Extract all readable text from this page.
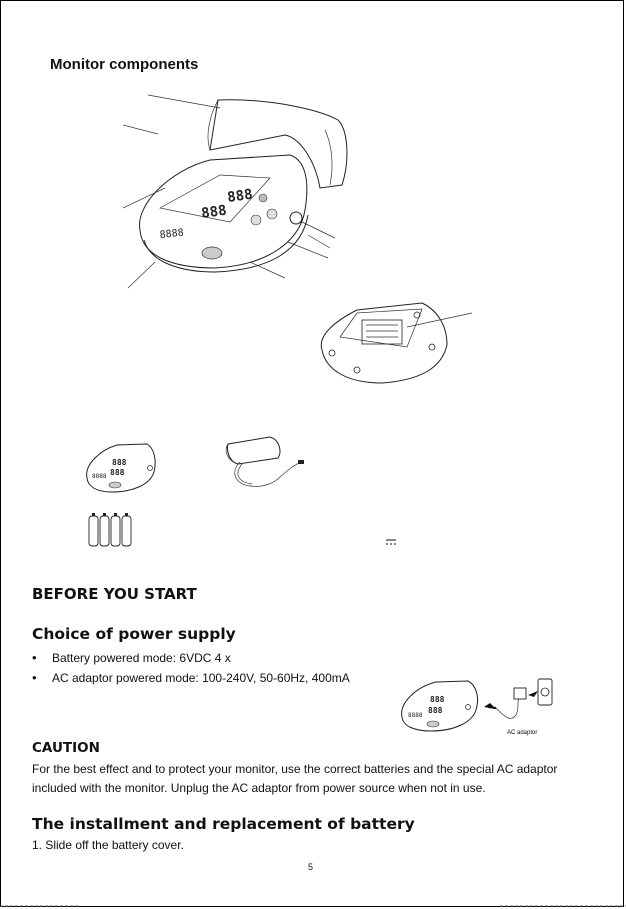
Monitor components
888
888
8888
888
888
8888
BEFORE YOU START
Choice of power supply
• Battery powered mode: 6VDC 4 x
• AC adaptor powered mode: 100-240V, 50-60Hz, 400mA
888
888
8888
AC adaptor
CAUTION
For the best effect and to protect your monitor, use the correct batteries and the special AC adaptor included with the monitor. Unplug the AC adaptor from power source when not in use.
The installment and replacement of battery
1. Slide off the battery cover.
5
